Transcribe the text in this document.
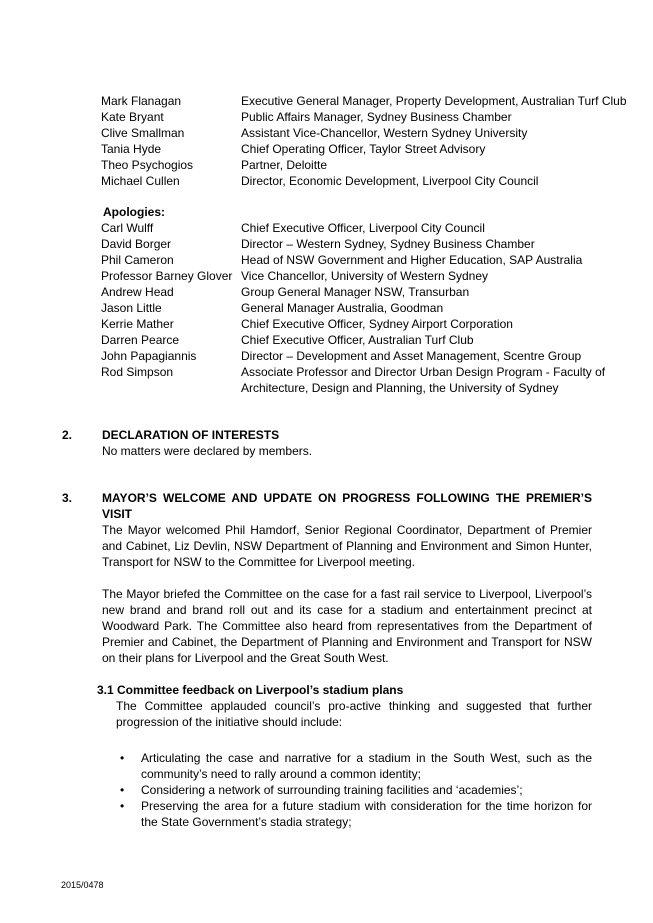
Mark Flanagan	Executive General Manager, Property Development, Australian Turf Club
Kate Bryant	Public Affairs Manager, Sydney Business Chamber
Clive Smallman	Assistant Vice-Chancellor, Western Sydney University
Tania Hyde	Chief Operating Officer, Taylor Street Advisory
Theo Psychogios	Partner, Deloitte
Michael Cullen	Director, Economic Development, Liverpool City Council
Apologies:
Carl Wulff	Chief Executive Officer, Liverpool City Council
David Borger	Director – Western Sydney, Sydney Business Chamber
Phil Cameron	Head of NSW Government and Higher Education, SAP Australia
Professor Barney Glover Vice Chancellor, University of Western Sydney
Andrew Head	Group General Manager NSW, Transurban
Jason Little	General Manager Australia, Goodman
Kerrie Mather	Chief Executive Officer, Sydney Airport Corporation
Darren Pearce	Chief Executive Officer, Australian Turf Club
John Papagiannis	Director – Development and Asset Management, Scentre Group
Rod Simpson	Associate Professor and Director Urban Design Program - Faculty of Architecture, Design and Planning, the University of Sydney
2. DECLARATION OF INTERESTS

No matters were declared by members.

3. MAYOR’S WELCOME AND UPDATE ON PROGRESS FOLLOWING THE PREMIER’S VISIT

The Mayor welcomed Phil Hamdorf, Senior Regional Coordinator, Department of Premier and Cabinet, Liz Devlin, NSW Department of Planning and Environment and Simon Hunter, Transport for NSW to the Committee for Liverpool meeting.

The Mayor briefed the Committee on the case for a fast rail service to Liverpool, Liverpool’s new brand and brand roll out and its case for a stadium and entertainment precinct at Woodward Park. The Committee also heard from representatives from the Department of Premier and Cabinet, the Department of Planning and Environment and Transport for NSW on their plans for Liverpool and the Great South West.

3.1 Committee feedback on Liverpool’s stadium plans

The Committee applauded council’s pro-active thinking and suggested that further progression of the initiative should include:

• Articulating the case and narrative for a stadium in the South West, such as the community’s need to rally around a common identity;
• Considering a network of surrounding training facilities and ‘academies’;
• Preserving the area for a future stadium with consideration for the time horizon for the State Government’s stadia strategy;
2015/0478
